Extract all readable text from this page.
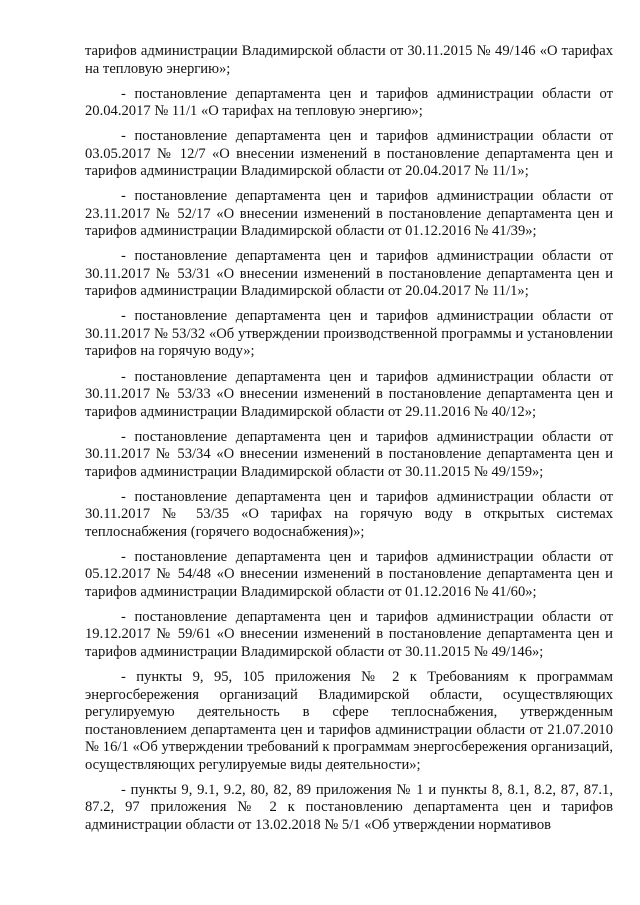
тарифов администрации Владимирской области от 30.11.2015 № 49/146 «О тарифах на тепловую энергию»;

- постановление департамента цен и тарифов администрации области от 20.04.2017 № 11/1 «О тарифах на тепловую энергию»;

- постановление департамента цен и тарифов администрации области от 03.05.2017 № 12/7 «О внесении изменений в постановление департамента цен и тарифов администрации Владимирской области от 20.04.2017 № 11/1»;

- постановление департамента цен и тарифов администрации области от 23.11.2017 № 52/17 «О внесении изменений в постановление департамента цен и тарифов администрации Владимирской области от 01.12.2016 № 41/39»;

- постановление департамента цен и тарифов администрации области от 30.11.2017 № 53/31 «О внесении изменений в постановление департамента цен и тарифов администрации Владимирской области от 20.04.2017 № 11/1»;

- постановление департамента цен и тарифов администрации области от 30.11.2017 № 53/32 «Об утверждении производственной программы и установлении тарифов на горячую воду»;

- постановление департамента цен и тарифов администрации области от 30.11.2017 № 53/33 «О внесении изменений в постановление департамента цен и тарифов администрации Владимирской области от 29.11.2016 № 40/12»;

- постановление департамента цен и тарифов администрации области от 30.11.2017 № 53/34 «О внесении изменений в постановление департамента цен и тарифов администрации Владимирской области от 30.11.2015 № 49/159»;

- постановление департамента цен и тарифов администрации области от 30.11.2017 № 53/35 «О тарифах на горячую воду в открытых системах теплоснабжения (горячего водоснабжения)»;

- постановление департамента цен и тарифов администрации области от 05.12.2017 № 54/48 «О внесении изменений в постановление департамента цен и тарифов администрации Владимирской области от 01.12.2016 № 41/60»;

- постановление департамента цен и тарифов администрации области от 19.12.2017 № 59/61 «О внесении изменений в постановление департамента цен и тарифов администрации Владимирской области от 30.11.2015 № 49/146»;

- пункты 9, 95, 105 приложения № 2 к Требованиям к программам энергосбережения организаций Владимирской области, осуществляющих регулируемую деятельность в сфере теплоснабжения, утвержденным постановлением департамента цен и тарифов администрации области от 21.07.2010 № 16/1 «Об утверждении требований к программам энергосбережения организаций, осуществляющих регулируемые виды деятельности»;

- пункты 9, 9.1, 9.2, 80, 82, 89 приложения № 1 и пункты 8, 8.1, 8.2, 87, 87.1, 87.2, 97 приложения № 2 к постановлению департамента цен и тарифов администрации области от 13.02.2018 № 5/1 «Об утверждении нормативов
